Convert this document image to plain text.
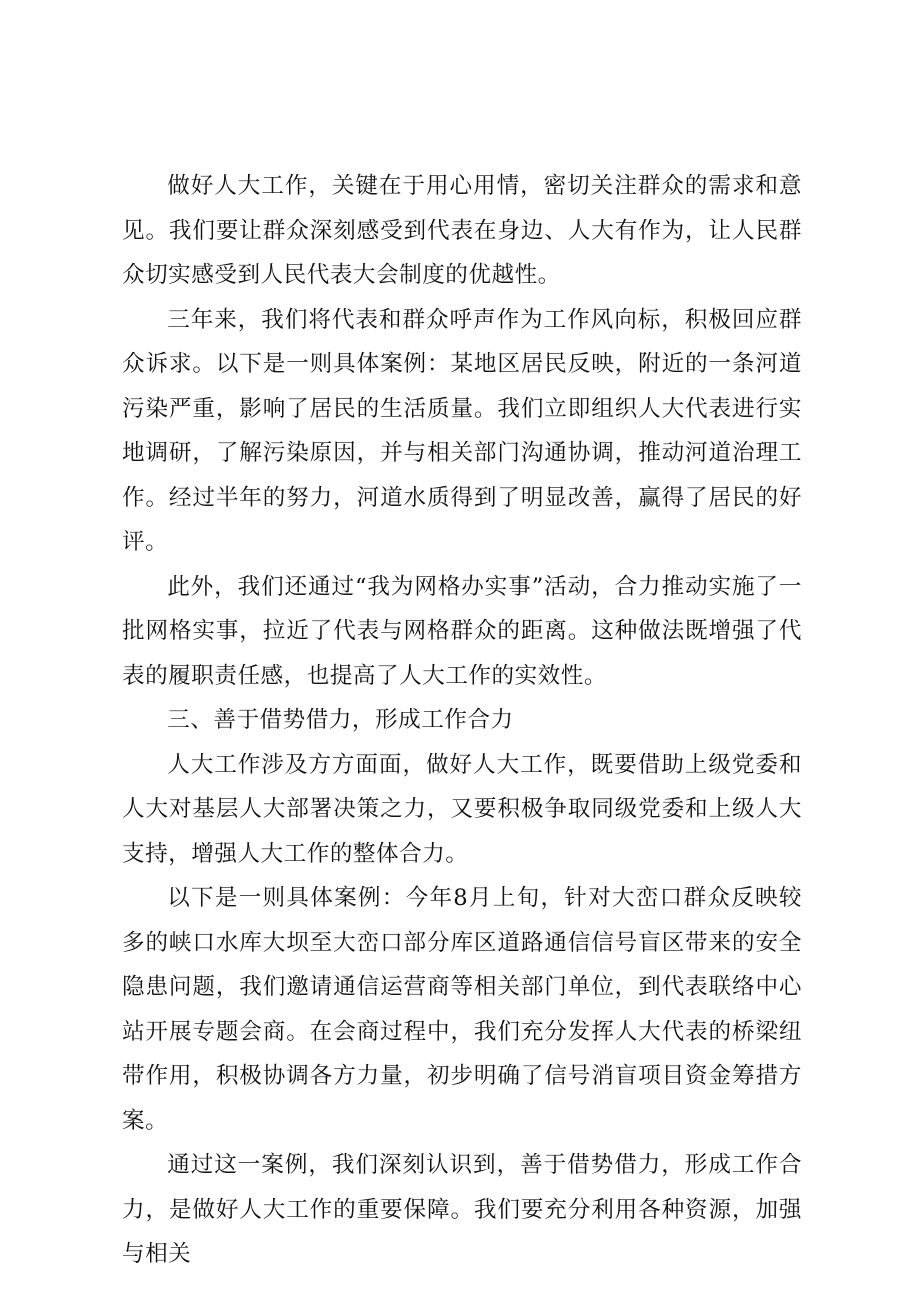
做好人大工作，关键在于用心用情，密切关注群众的需求和意见。我们要让群众深刻感受到代表在身边、人大有作为，让人民群众切实感受到人民代表大会制度的优越性。

三年来，我们将代表和群众呼声作为工作风向标，积极回应群众诉求。以下是一则具体案例：某地区居民反映，附近的一条河道污染严重，影响了居民的生活质量。我们立即组织人大代表进行实地调研，了解污染原因，并与相关部门沟通协调，推动河道治理工作。经过半年的努力，河道水质得到了明显改善，赢得了居民的好评。

此外，我们还通过“我为网格办实事”活动，合力推动实施了一批网格实事，拉近了代表与网格群众的距离。这种做法既增强了代表的履职责任感，也提高了人大工作的实效性。

三、善于借势借力，形成工作合力

人大工作涉及方方面面，做好人大工作，既要借助上级党委和人大对基层人大部署决策之力，又要积极争取同级党委和上级人大支持，增强人大工作的整体合力。

以下是一则具体案例：今年8月上旬，针对大峦口群众反映较多的峡口水库大坝至大峦口部分库区道路通信信号盲区带来的安全隐患问题，我们邀请通信运营商等相关部门单位，到代表联络中心站开展专题会商。在会商过程中，我们充分发挥人大代表的桥梁纽带作用，积极协调各方力量，初步明确了信号消盲项目资金筹措方案。

通过这一案例，我们深刻认识到，善于借势借力，形成工作合力，是做好人大工作的重要保障。我们要充分利用各种资源，加强与相关
